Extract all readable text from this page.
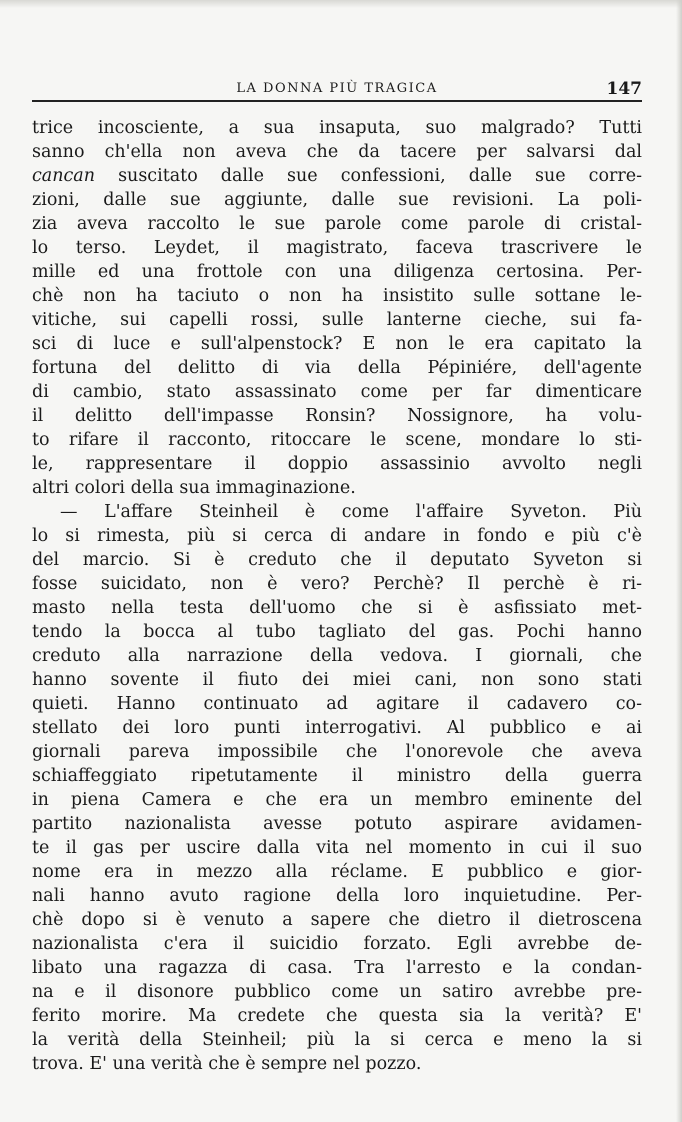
LA DONNA PIÙ TRAGICA	147
trice incosciente, a sua insaputa, suo malgrado? Tutti
sanno ch'ella non aveva che da tacere per salvarsi dal
cancan suscitato dalle sue confessioni, dalle sue corre-
zioni, dalle sue aggiunte, dalle sue revisioni. La poli-
zia aveva raccolto le sue parole come parole di cristal-
lo terso. Leydet, il magistrato, faceva trascrivere le
mille ed una frottole con una diligenza certosina. Per-
chè non ha taciuto o non ha insistito sulle sottane le-
vitiche, sui capelli rossi, sulle lanterne cieche, sui fa-
sci di luce e sull'alpenstock? E non le era capitato la
fortuna del delitto di via della Pépiniére, dell'agente
di cambio, stato assassinato come per far dimenticare
il delitto dell'impasse Ronsin? Nossignore, ha volu-
to rifare il racconto, ritoccare le scene, mondare lo sti-
le, rappresentare il doppio assassinio avvolto negli
altri colori della sua immaginazione.
— L'affare Steinheil è come l'affaire Syveton. Più
lo si rimesta, più si cerca di andare in fondo e più c'è
del marcio. Si è creduto che il deputato Syveton si
fosse suicidato, non è vero? Perchè? Il perchè è ri-
masto nella testa dell'uomo che si è asfissiato met-
tendo la bocca al tubo tagliato del gas. Pochi hanno
creduto alla narrazione della vedova. I giornali, che
hanno sovente il fiuto dei miei cani, non sono stati
quieti. Hanno continuato ad agitare il cadavero co-
stellato dei loro punti interrogativi. Al pubblico e ai
giornali pareva impossibile che l'onorevole che aveva
schiaffeggiato ripetutamente il ministro della guerra
in piena Camera e che era un membro eminente del
partito nazionalista avesse potuto aspirare avidamen-
te il gas per uscire dalla vita nel momento in cui il suo
nome era in mezzo alla réclame. E pubblico e gior-
nali hanno avuto ragione della loro inquietudine. Per-
chè dopo si è venuto a sapere che dietro il dietroscena
nazionalista c'era il suicidio forzato. Egli avrebbe de-
libato una ragazza di casa. Tra l'arresto e la condan-
na e il disonore pubblico come un satiro avrebbe pre-
ferito morire. Ma credete che questa sia la verità? E'
la verità della Steinheil; più la si cerca e meno la si
trova. E' una verità che è sempre nel pozzo.
